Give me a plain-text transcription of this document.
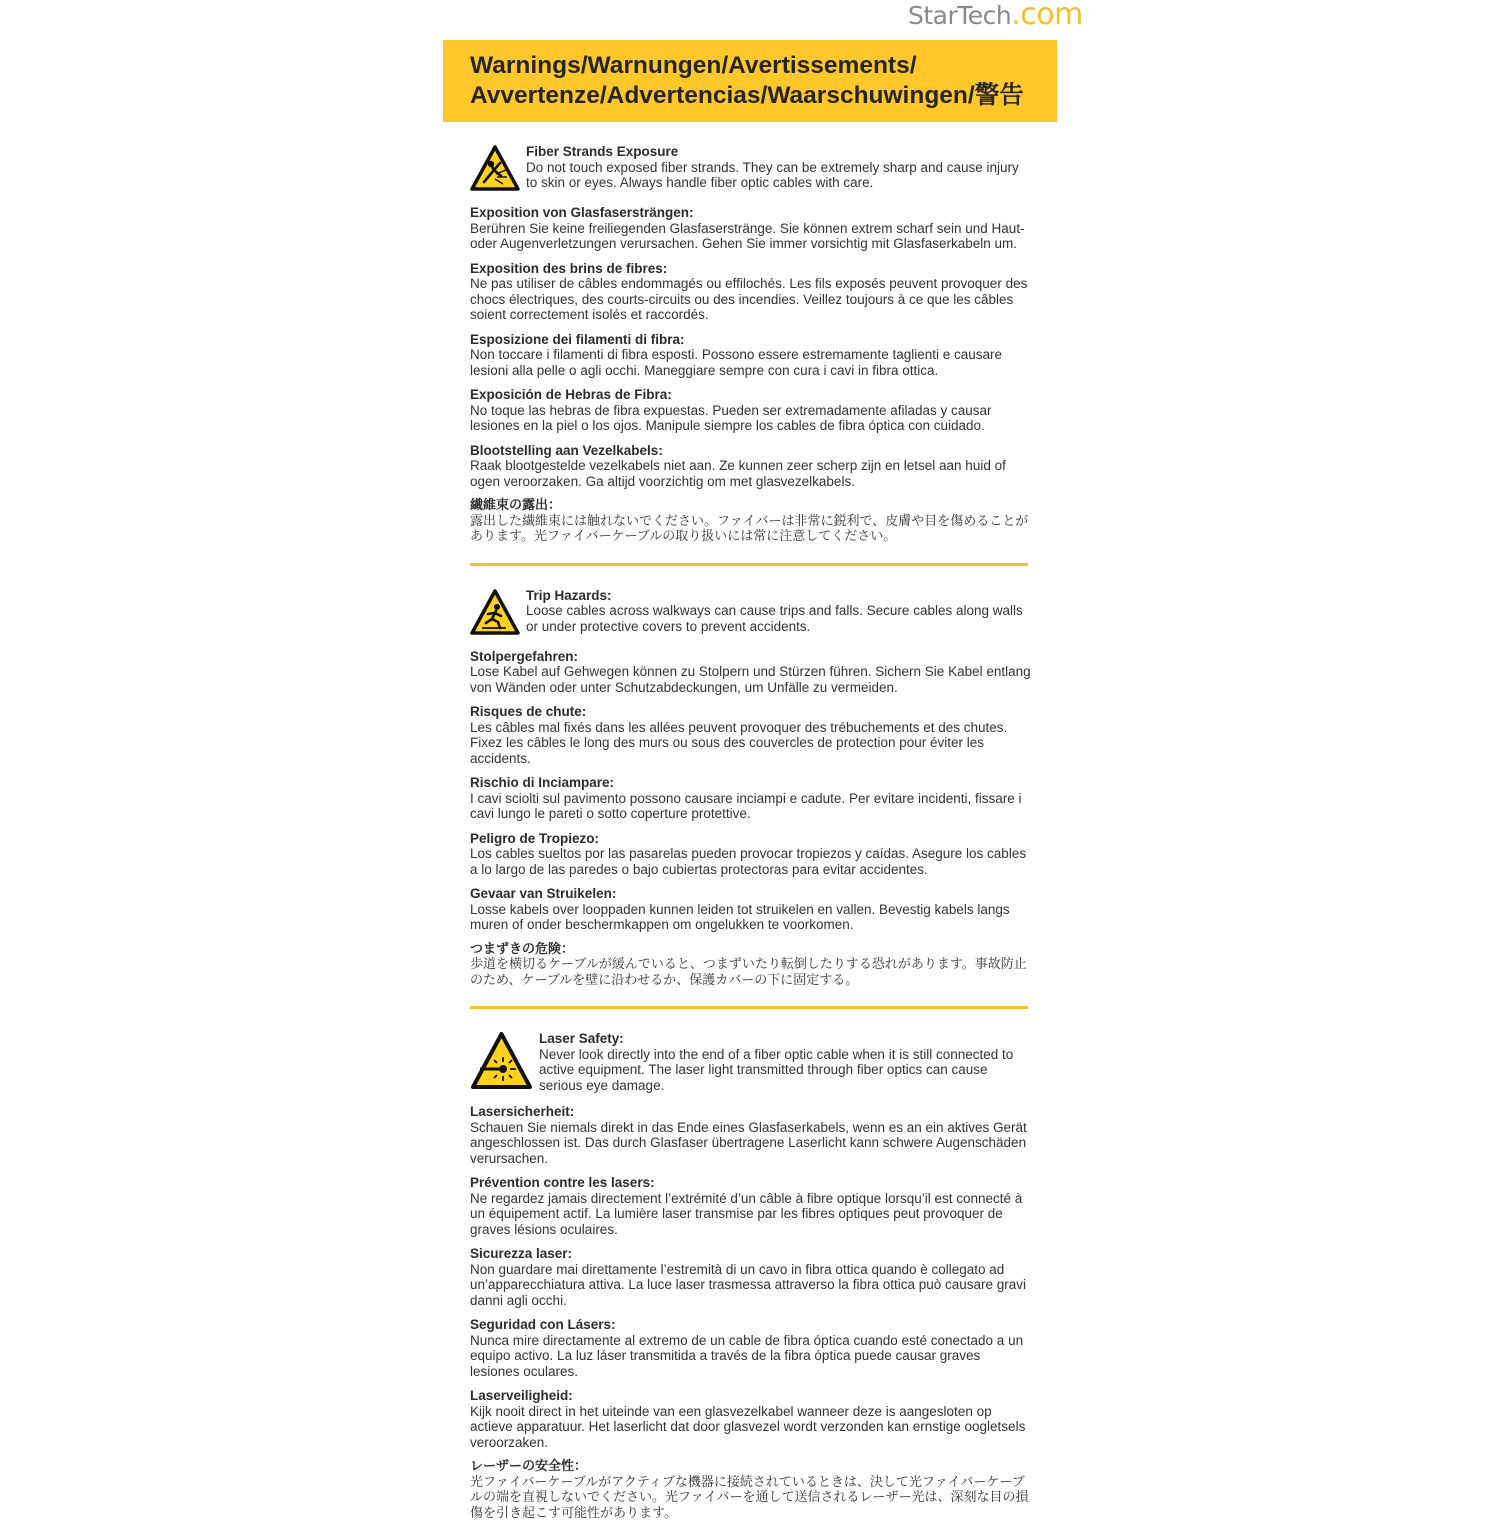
StarTech .com
Warnings/Warnungen/Avertissements/
Avvertenze/Advertencias/Waarschuwingen/警告
Fiber Strands Exposure
Do not touch exposed fiber strands. They can be extremely sharp and cause injury to skin or eyes. Always handle fiber optic cables with care.
Exposition von Glasfasersträngen:
Berühren Sie keine freiliegenden Glasfaserstränge. Sie können extrem scharf sein und Haut- oder Augenverletzungen verursachen. Gehen Sie immer vorsichtig mit Glasfaserkabeln um.
Exposition des brins de fibres:
Ne pas utiliser de câbles endommagés ou effilochés. Les fils exposés peuvent provoquer des chocs électriques, des courts-circuits ou des incendies. Veillez toujours à ce que les câbles soient correctement isolés et raccordés.
Esposizione dei filamenti di fibra:
Non toccare i filamenti di fibra esposti. Possono essere estremamente taglienti e causare lesioni alla pelle o agli occhi. Maneggiare sempre con cura i cavi in fibra ottica.
Exposición de Hebras de Fibra:
No toque las hebras de fibra expuestas. Pueden ser extremadamente afiladas y causar lesiones en la piel o los ojos. Manipule siempre los cables de fibra óptica con cuidado.
Blootstelling aan Vezelkabels:
Raak blootgestelde vezelkabels niet aan. Ze kunnen zeer scherp zijn en letsel aan huid of ogen veroorzaken. Ga altijd voorzichtig om met glasvezelkabels.
繊維束の露出：
露出した繊維束には触れないでください。ファイバーは非常に鋭利で、皮膚や目を傷めることがあります。光ファイバーケーブルの取り扱いには常に注意してください。
Trip Hazards:
Loose cables across walkways can cause trips and falls. Secure cables along walls or under protective covers to prevent accidents.
Stolpergefahren:
Lose Kabel auf Gehwegen können zu Stolpern und Stürzen führen. Sichern Sie Kabel entlang von Wänden oder unter Schutzabdeckungen, um Unfälle zu vermeiden.
Risques de chute:
Les câbles mal fixés dans les allées peuvent provoquer des trébuchements et des chutes. Fixez les câbles le long des murs ou sous des couvercles de protection pour éviter les accidents.
Rischio di Inciampare:
I cavi sciolti sul pavimento possono causare inciampi e cadute. Per evitare incidenti, fissare i cavi lungo le pareti o sotto coperture protettive.
Peligro de Tropiezo:
Los cables sueltos por las pasarelas pueden provocar tropiezos y caídas. Asegure los cables a lo largo de las paredes o bajo cubiertas protectoras para evitar accidentes.
Gevaar van Struikelen:
Losse kabels over looppaden kunnen leiden tot struikelen en vallen. Bevestig kabels langs muren of onder beschermkappen om ongelukken te voorkomen.
つまずきの危険：
歩道を横切るケーブルが緩んでいると、つまずいたり転倒したりする恐れがあります。事故防止のため、ケーブルを壁に沿わせるか、保護カバーの下に固定する。
Laser Safety:
Never look directly into the end of a fiber optic cable when it is still connected to active equipment. The laser light transmitted through fiber optics can cause serious eye damage.
Lasersicherheit:
Schauen Sie niemals direkt in das Ende eines Glasfaserkabels, wenn es an ein aktives Gerät angeschlossen ist. Das durch Glasfaser übertragene Laserlicht kann schwere Augenschäden verursachen.
Prévention contre les lasers:
Ne regardez jamais directement l’extrémité d’un câble à fibre optique lorsqu’il est connecté à un équipement actif. La lumière laser transmise par les fibres optiques peut provoquer de graves lésions oculaires.
Sicurezza laser:
Non guardare mai direttamente l’estremità di un cavo in fibra ottica quando è collegato ad un’apparecchiatura attiva. La luce laser trasmessa attraverso la fibra ottica può causare gravi danni agli occhi.
Seguridad con Lásers:
Nunca mire directamente al extremo de un cable de fibra óptica cuando esté conectado a un equipo activo. La luz láser transmitida a través de la fibra óptica puede causar graves lesiones oculares.
Laserveiligheid:
Kijk nooit direct in het uiteinde van een glasvezelkabel wanneer deze is aangesloten op actieve apparatuur. Het laserlicht dat door glasvezel wordt verzonden kan ernstige oogletsels veroorzaken.
レーザーの安全性：
光ファイバーケーブルがアクティブな機器に接続されているときは、決して光ファイバーケーブルの端を直視しないでください。光ファイバーを通して送信されるレーザー光は、深刻な目の損傷を引き起こす可能性があります。
